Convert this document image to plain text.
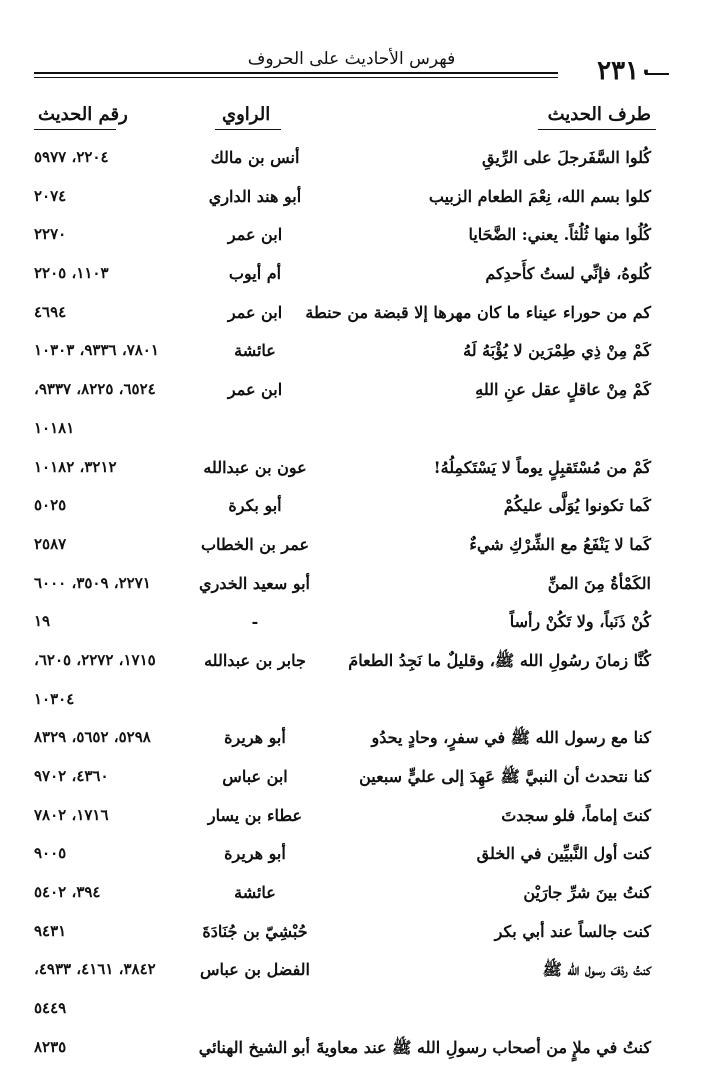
٢٣١٠
فهرس الأحاديث على الحروف
طرف الحديث
الراوي
رقم الحديث
كُلوا السَّفَرجلَ على الرِّيقِ
أنس بن مالك
٢٢٠٤، ٥٩٧٧
كلوا بسم الله، نِعْمَ الطعام الزبيب
أبو هند الداري
٢٠٧٤
كُلُوا منها ثُلُثاً. يعني: الضَّحَايا
ابن عمر
٢٢٧٠
كُلوهُ، فإنِّي لستُ كأَحدِكم
أم أيوب
١١٠٣، ٢٢٠٥
كم من حوراء عيناء ما كان مهرها إلا قبضة من حنطة
ابن عمر
٤٦٩٤
كَمْ مِنْ ذِي طِمْرَين لا يُؤْبَهُ لَهُ
عائشة
٧٨٠١، ٩٣٣٦، ١٠٣٠٣
كَمْ مِنْ عاقلٍ عقل عنِ اللهِ
ابن عمر
٦٥٢٤، ٨٢٢٥، ٩٣٣٧،
١٠١٨١
كَمْ من مُسْتَقبِلٍ يوماً لا يَسْتَكمِلُهُ!
عون بن عبدالله
٣٢١٢، ١٠١٨٢
كَما تكونوا يُوَلَّى عليكُمْ
أبو بكرة
٥٠٢٥
كَما لا يَنْفَعُ مع الشِّرْكِ شيءٌ
عمر بن الخطاب
٢٥٨٧
الكَمْأةُ مِنَ المنِّ
أبو سعيد الخدري
٢٢٧١، ٣٥٠٩، ٦٠٠٠
كُنْ ذَنَباً، ولا تَكُنْ رأساً
-
١٩
كُنَّا زمانَ رسُولِ الله ﷺ، وقليلٌ ما نَجِدُ الطعامَ
جابر بن عبدالله
١٧١٥، ٢٢٧٢، ٦٢٠٥،
١٠٣٠٤
كنا مع رسول الله ﷺ في سفرٍ، وحادٍ يحدُو
أبو هريرة
٥٢٩٨، ٥٦٥٢، ٨٣٢٩
كنا نتحدث أن النبيَّ ﷺ عَهِدَ إلى عليٍّ سبعين
ابن عباس
٤٣٦٠، ٩٧٠٢
كنتَ إماماً، فلو سجدتَ
عطاء بن يسار
١٧١٦، ٧٨٠٢
كنت أول النَّبيِّين في الخلق
أبو هريرة
٩٠٠٥
كنتُ بينَ شرِّ جارَيْن
عائشة
٣٩٤، ٥٤٠٢
كنت جالساً عند أبي بكر
حُبْشِيّ بن جُنَادَةَ
٩٤٣١
كنتُ ردْفَ رسول الله ﷺ
الفضل بن عباس
٣٨٤٢، ٤١٦١، ٤٩٣٣،
٥٤٤٩
كنتُ في ملإٍ من أصحاب رسولِ الله ﷺ عند معاويةَ
أبو الشيخ الهنائي
٨٢٣٥
